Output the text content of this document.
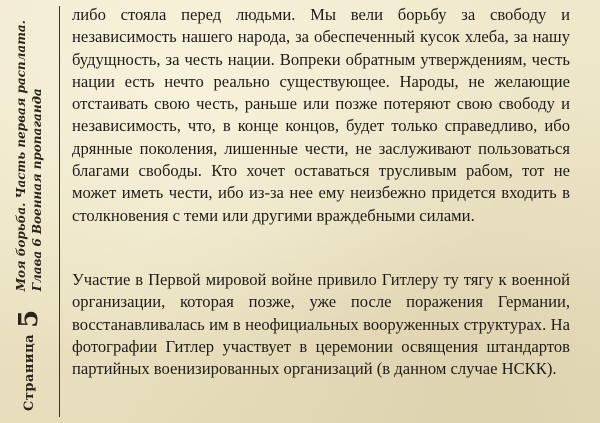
Страница
5
Моя борьба. Часть первая расплата. Глава 6 Военная пропаганда

либо стояла перед людьми. Мы вели борьбу за свободу и независимость нашего народа, за обеспеченный кусок хлеба, за нашу будущность, за честь нации. Вопреки обратным утверждениям, честь нации есть нечто реально существующее. Народы, не желающие отстаивать свою честь, раньше или позже потеряют свою свободу и независимость, что, в конце концов, будет только справедливо, ибо дрянные поколения, лишенные чести, не заслуживают пользоваться благами свободы. Кто хочет оставаться трусливым рабом, тот не может иметь чести, ибо из-за нее ему неизбежно придется входить в столкновения с теми или другими враждебными силами.

Участие в Первой мировой войне привило Гитлеру ту тягу к военной организации, которая позже, уже после поражения Германии, восстанавливалась им в неофициальных вооруженных структурах. На фотографии Гитлер участвует в церемонии освящения штандартов партийных военизированных организаций (в данном случае НСКК).
